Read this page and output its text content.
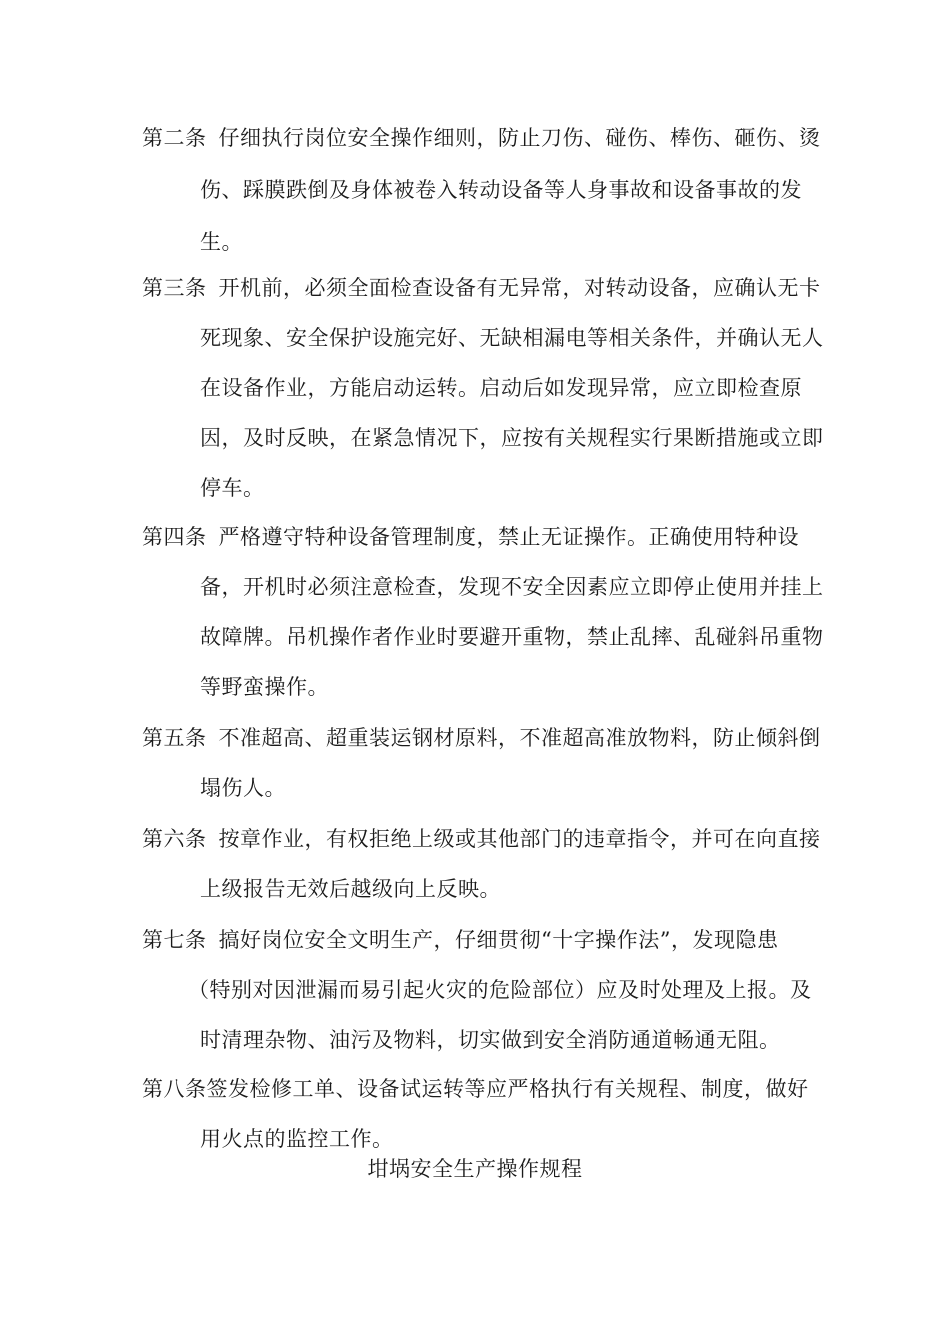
第二条 仔细执行岗位安全操作细则，防止刀伤、碰伤、棒伤、砸伤、烫
伤、踩膜跌倒及身体被卷入转动设备等人身事故和设备事故的发
生。
第三条 开机前，必须全面检查设备有无异常，对转动设备，应确认无卡
死现象、安全保护设施完好、无缺相漏电等相关条件，并确认无人
在设备作业，方能启动运转。启动后如发现异常，应立即检查原
因，及时反映，在紧急情况下，应按有关规程实行果断措施或立即
停车。
第四条 严格遵守特种设备管理制度，禁止无证操作。正确使用特种设
备，开机时必须注意检查，发现不安全因素应立即停止使用并挂上
故障牌。吊机操作者作业时要避开重物，禁止乱摔、乱碰斜吊重物
等野蛮操作。
第五条 不准超高、超重装运钢材原料，不准超高准放物料，防止倾斜倒
塌伤人。
第六条 按章作业，有权拒绝上级或其他部门的违章指令，并可在向直接
上级报告无效后越级向上反映。
第七条 搞好岗位安全文明生产，仔细贯彻“十字操作法”，发现隐患
（特别对因泄漏而易引起火灾的危险部位）应及时处理及上报。及
时清理杂物、油污及物料，切实做到安全消防通道畅通无阻。
第八条签发检修工单、设备试运转等应严格执行有关规程、制度，做好
用火点的监控工作。
坩埚安全生产操作规程
